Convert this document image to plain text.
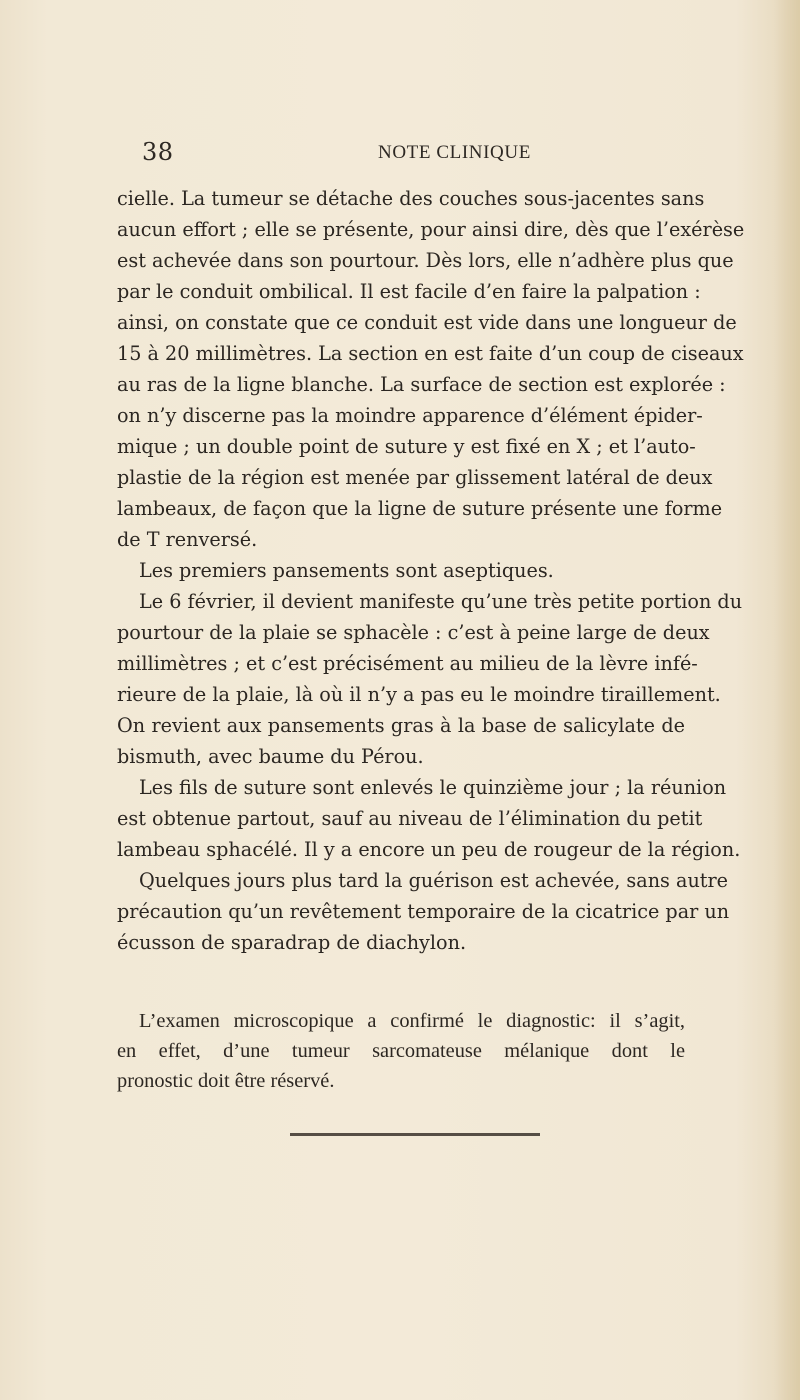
38	NOTE CLINIQUE
cielle. La tumeur se détache des couches sous-jacentes sans
aucun effort ; elle se présente, pour ainsi dire, dès que l’exérèse
est achevée dans son pourtour. Dès lors, elle n’adhère plus que
par le conduit ombilical. Il est facile d’en faire la palpation :
ainsi, on constate que ce conduit est vide dans une longueur de
15 à 20 millimètres. La section en est faite d’un coup de ciseaux
au ras de la ligne blanche. La surface de section est explorée :
on n’y discerne pas la moindre apparence d’élément épider-
mique ; un double point de suture y est fixé en X ; et l’auto-
plastie de la région est menée par glissement latéral de deux
lambeaux, de façon que la ligne de suture présente une forme
de T renversé.
Les premiers pansements sont aseptiques.
Le 6 février, il devient manifeste qu’une très petite portion du
pourtour de la plaie se sphacèle : c’est à peine large de deux
millimètres ; et c’est précisément au milieu de la lèvre infé-
rieure de la plaie, là où il n’y a pas eu le moindre tiraillement.
On revient aux pansements gras à la base de salicylate de
bismuth, avec baume du Pérou.
Les fils de suture sont enlevés le quinzième jour ; la réunion
est obtenue partout, sauf au niveau de l’élimination du petit
lambeau sphacélé. Il y a encore un peu de rougeur de la région.
Quelques jours plus tard la guérison est achevée, sans autre
précaution qu’un revêtement temporaire de la cicatrice par un
écusson de sparadrap de diachylon.
L’examen microscopique a confirmé le diagnostic: il s’agit,
en effet, d’une tumeur sarcomateuse mélanique dont le
pronostic doit être réservé.
